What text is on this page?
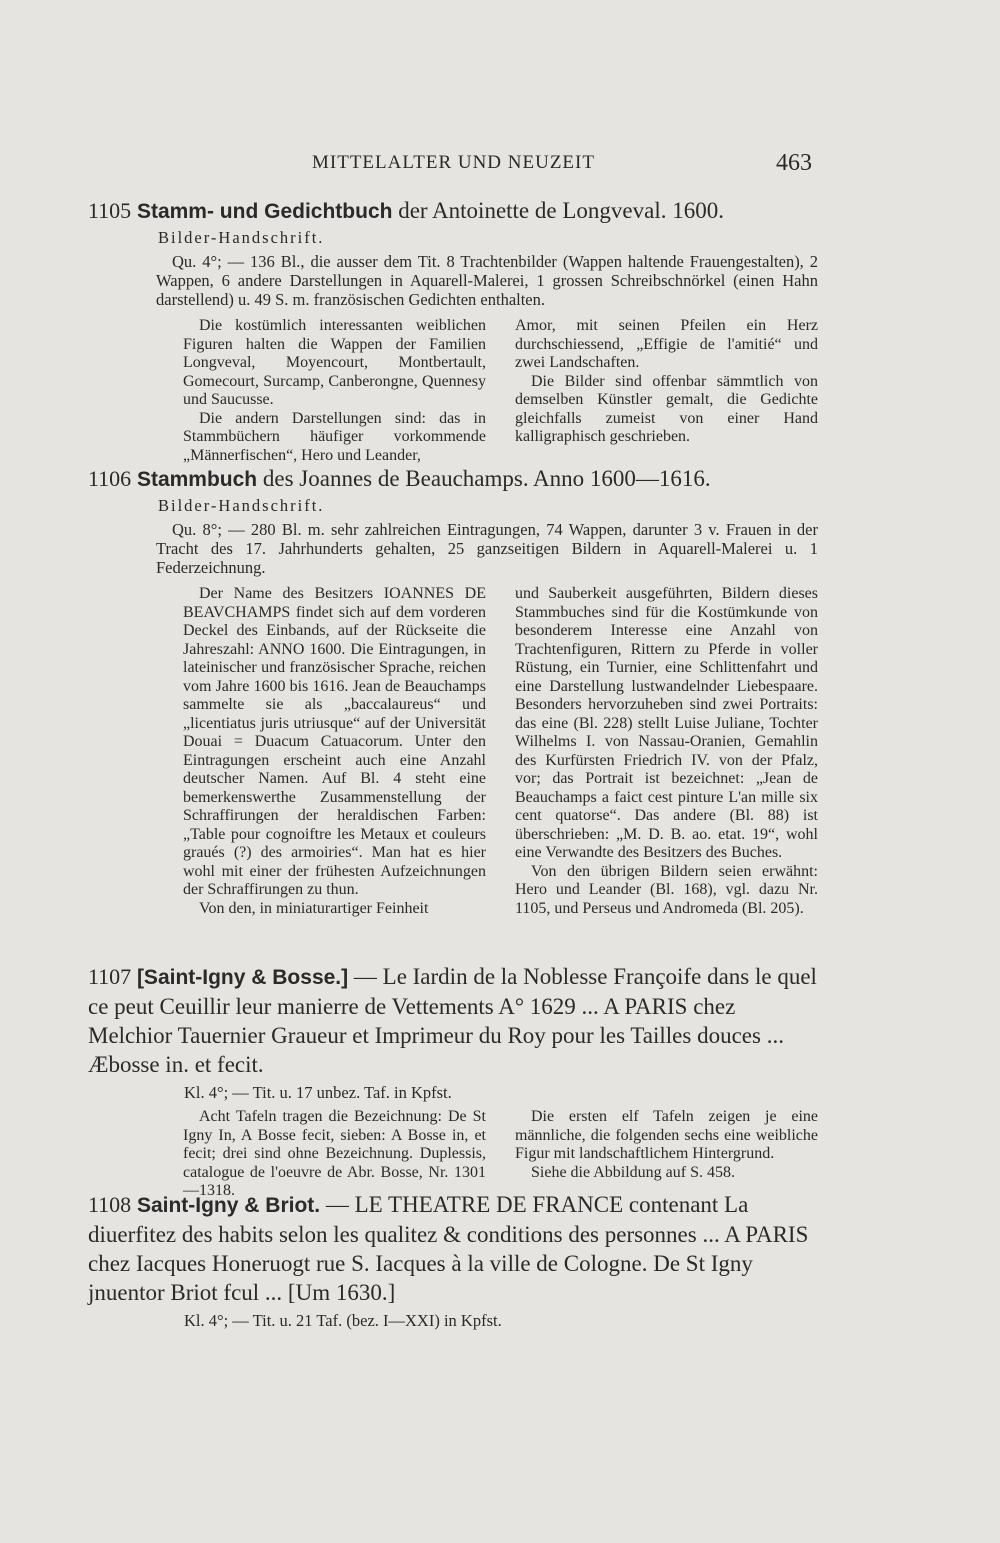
MITTELALTER UND NEUZEIT	463
1105 Stamm- und Gedichtbuch der Antoinette de Longveval. 1600.
Bilder-Handschrift.
Qu. 4°; — 136 Bl., die ausser dem Tit. 8 Trachtenbilder (Wappen haltende Frauengestalten), 2 Wappen, 6 andere Darstellungen in Aquarell-Malerei, 1 grossen Schreibschnörkel (einen Hahn darstellend) u. 49 S. m. französischen Gedichten enthalten.

Die kostümlich interessanten weiblichen Figuren halten die Wappen der Familien Longveval, Moyencourt, Montbertault, Gomecourt, Surcamp, Canberongne, Quennesy und Saucusse.

Die andern Darstellungen sind: das in Stammbüchern häufiger vorkommende „Männerfischen“, Hero und Leander,

Amor, mit seinen Pfeilen ein Herz durchschiessend, „Effigie de l'amitié“ und zwei Landschaften.

Die Bilder sind offenbar sämmtlich von demselben Künstler gemalt, die Gedichte gleichfalls zumeist von einer Hand kalligraphisch geschrieben.

1106 Stammbuch des Joannes de Beauchamps. Anno 1600—1616.
Bilder-Handschrift.
Qu. 8°; — 280 Bl. m. sehr zahlreichen Eintragungen, 74 Wappen, darunter 3 v. Frauen in der Tracht des 17. Jahrhunderts gehalten, 25 ganzseitigen Bildern in Aquarell-Malerei u. 1 Federzeichnung.

Der Name des Besitzers IOANNES DE BEAVCHAMPS findet sich auf dem vorderen Deckel des Einbands, auf der Rückseite die Jahreszahl: ANNO 1600. Die Eintragungen, in lateinischer und französischer Sprache, reichen vom Jahre 1600 bis 1616. Jean de Beauchamps sammelte sie als „baccalaureus“ und „licentiatus juris utriusque“ auf der Universität Douai = Duacum Catuacorum. Unter den Eintragungen erscheint auch eine Anzahl deutscher Namen. Auf Bl. 4 steht eine bemerkenswerthe Zusammenstellung der Schraffirungen der heraldischen Farben: „Table pour cognoiftre les Metaux et couleurs graués (?) des armoiries“. Man hat es hier wohl mit einer der frühesten Aufzeichnungen der Schraffirungen zu thun.

Von den, in miniaturartiger Feinheit

und Sauberkeit ausgeführten, Bildern dieses Stammbuches sind für die Kostümkunde von besonderem Interesse eine Anzahl von Trachtenfiguren, Rittern zu Pferde in voller Rüstung, ein Turnier, eine Schlittenfahrt und eine Darstellung lustwandelnder Liebespaare. Besonders hervorzuheben sind zwei Portraits: das eine (Bl. 228) stellt Luise Juliane, Tochter Wilhelms I. von Nassau-Oranien, Gemahlin des Kurfürsten Friedrich IV. von der Pfalz, vor; das Portrait ist bezeichnet: „Jean de Beauchamps a faict cest pinture L'an mille six cent quatorse“. Das andere (Bl. 88) ist überschrieben: „M. D. B. ao. etat. 19“, wohl eine Verwandte des Besitzers des Buches.

Von den übrigen Bildern seien erwähnt: Hero und Leander (Bl. 168), vgl. dazu Nr. 1105, und Perseus und Andromeda (Bl. 205).

1107 [Saint-Igny & Bosse.] — Le Iardin de la Noblesse Françoife dans le quel ce peut Ceuillir leur manierre de Vettements A° 1629 ... A PARIS chez Melchior Tauernier Graueur et Imprimeur du Roy pour les Tailles douces ... Æbosse in. et fecit.
Kl. 4°; — Tit. u. 17 unbez. Taf. in Kpfst.

Acht Tafeln tragen die Bezeichnung: De St Igny In, A Bosse fecit, sieben: A Bosse in, et fecit; drei sind ohne Bezeichnung. Duplessis, catalogue de l'oeuvre de Abr. Bosse, Nr. 1301—1318.

Die ersten elf Tafeln zeigen je eine männliche, die folgenden sechs eine weibliche Figur mit landschaftlichem Hintergrund.

Siehe die Abbildung auf S. 458.

1108 Saint-Igny & Briot. — LE THEATRE DE FRANCE contenant La diuerfitez des habits selon les qualitez & conditions des personnes ... A PARIS chez Iacques Honeruogt rue S. Iacques à la ville de Cologne. De St Igny jnuentor Briot fcul ... [Um 1630.]
Kl. 4°; — Tit. u. 21 Taf. (bez. I—XXI) in Kpfst.
